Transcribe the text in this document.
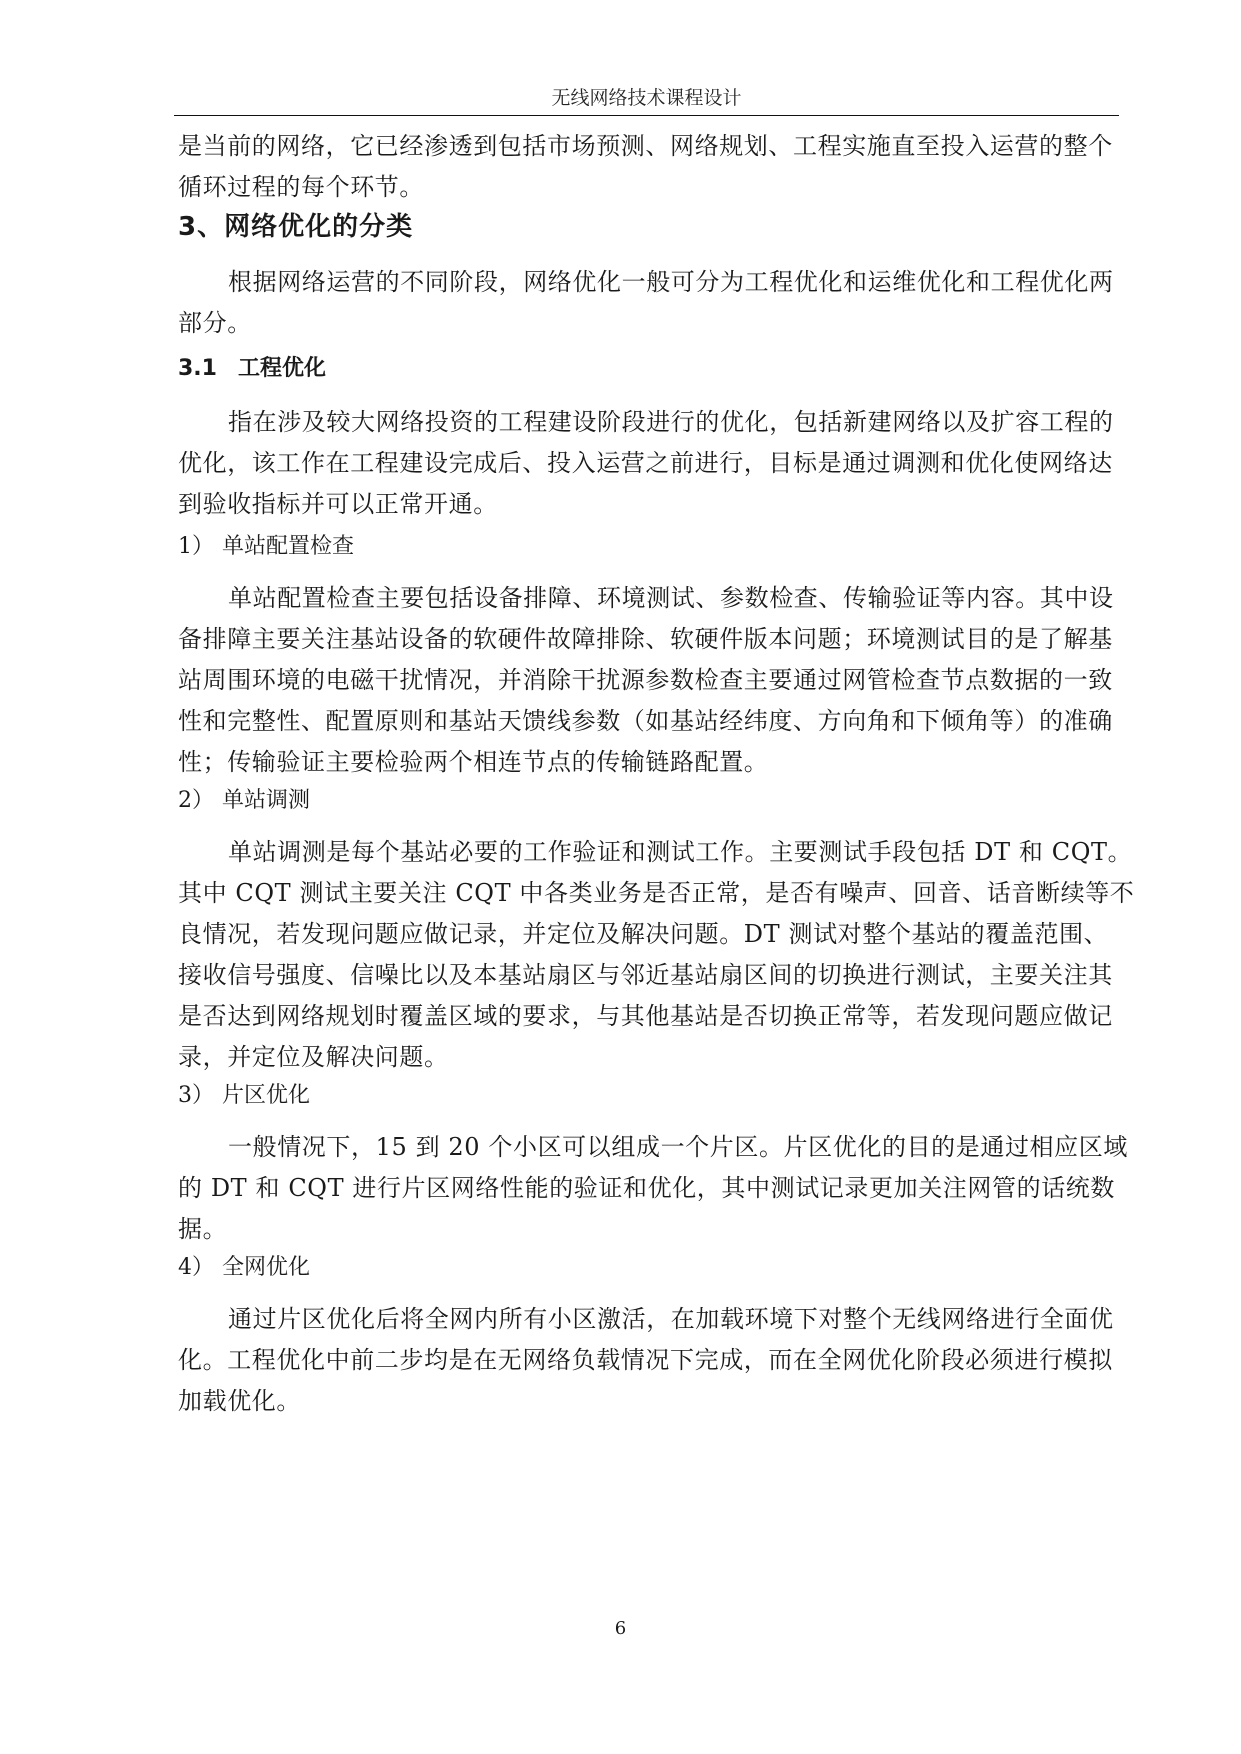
无线网络技术课程设计
是当前的网络，它已经渗透到包括市场预测、网络规划、工程实施直至投入运营的整个
循环过程的每个环节。
3、网络优化的分类
根据网络运营的不同阶段，网络优化一般可分为工程优化和运维优化和工程优化两
部分。
3.1 工程优化
指在涉及较大网络投资的工程建设阶段进行的优化，包括新建网络以及扩容工程的
优化，该工作在工程建设完成后、投入运营之前进行，目标是通过调测和优化使网络达
到验收指标并可以正常开通。
1） 单站配置检查
单站配置检查主要包括设备排障、环境测试、参数检查、传输验证等内容。其中设
备排障主要关注基站设备的软硬件故障排除、软硬件版本问题；环境测试目的是了解基
站周围环境的电磁干扰情况，并消除干扰源参数检查主要通过网管检查节点数据的一致
性和完整性、配置原则和基站天馈线参数（如基站经纬度、方向角和下倾角等）的准确
性；传输验证主要检验两个相连节点的传输链路配置。
2） 单站调测
单站调测是每个基站必要的工作验证和测试工作。主要测试手段包括 DT 和 CQT。
其中 CQT 测试主要关注 CQT 中各类业务是否正常，是否有噪声、回音、话音断续等不
良情况，若发现问题应做记录，并定位及解决问题。DT 测试对整个基站的覆盖范围、
接收信号强度、信噪比以及本基站扇区与邻近基站扇区间的切换进行测试，主要关注其
是否达到网络规划时覆盖区域的要求，与其他基站是否切换正常等，若发现问题应做记
录，并定位及解决问题。
3） 片区优化
一般情况下，15 到 20 个小区可以组成一个片区。片区优化的目的是通过相应区域
的 DT 和 CQT 进行片区网络性能的验证和优化，其中测试记录更加关注网管的话统数
据。
4） 全网优化
通过片区优化后将全网内所有小区激活，在加载环境下对整个无线网络进行全面优
化。工程优化中前二步均是在无网络负载情况下完成，而在全网优化阶段必须进行模拟
加载优化。
6
